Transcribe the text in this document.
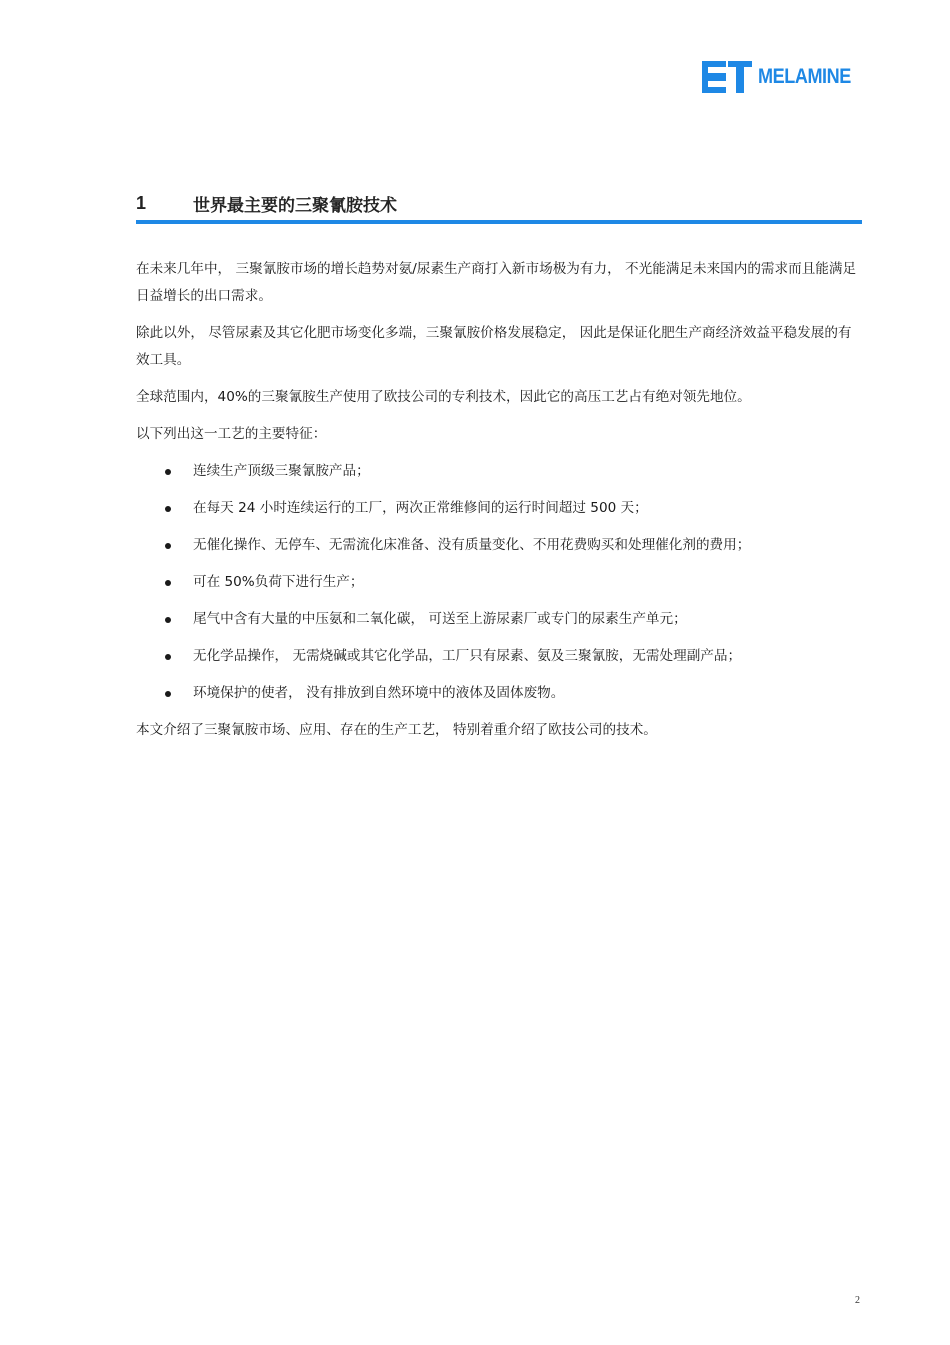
MELAMINE
1	世界最主要的三聚氰胺技术

在未来几年中， 三聚氰胺市场的增长趋势对氨/尿素生产商打入新市场极为有力， 不光能满足未来国内的需求而且能满足日益增长的出口需求。

除此以外， 尽管尿素及其它化肥市场变化多端，三聚氰胺价格发展稳定， 因此是保证化肥生产商经济效益平稳发展的有效工具。

全球范围内，40%的三聚氰胺生产使用了欧技公司的专利技术，因此它的高压工艺占有绝对领先地位。

以下列出这一工艺的主要特征：

连续生产顶级三聚氰胺产品；
在每天 24 小时连续运行的工厂，两次正常维修间的运行时间超过 500 天；
无催化操作、无停车、无需流化床准备、没有质量变化、不用花费购买和处理催化剂的费用；
可在 50%负荷下进行生产；
尾气中含有大量的中压氨和二氧化碳， 可送至上游尿素厂或专门的尿素生产单元；
无化学品操作， 无需烧碱或其它化学品，工厂只有尿素、氨及三聚氰胺，无需处理副产品；
环境保护的使者， 没有排放到自然环境中的液体及固体废物。

本文介绍了三聚氰胺市场、应用、存在的生产工艺， 特别着重介绍了欧技公司的技术。

2
